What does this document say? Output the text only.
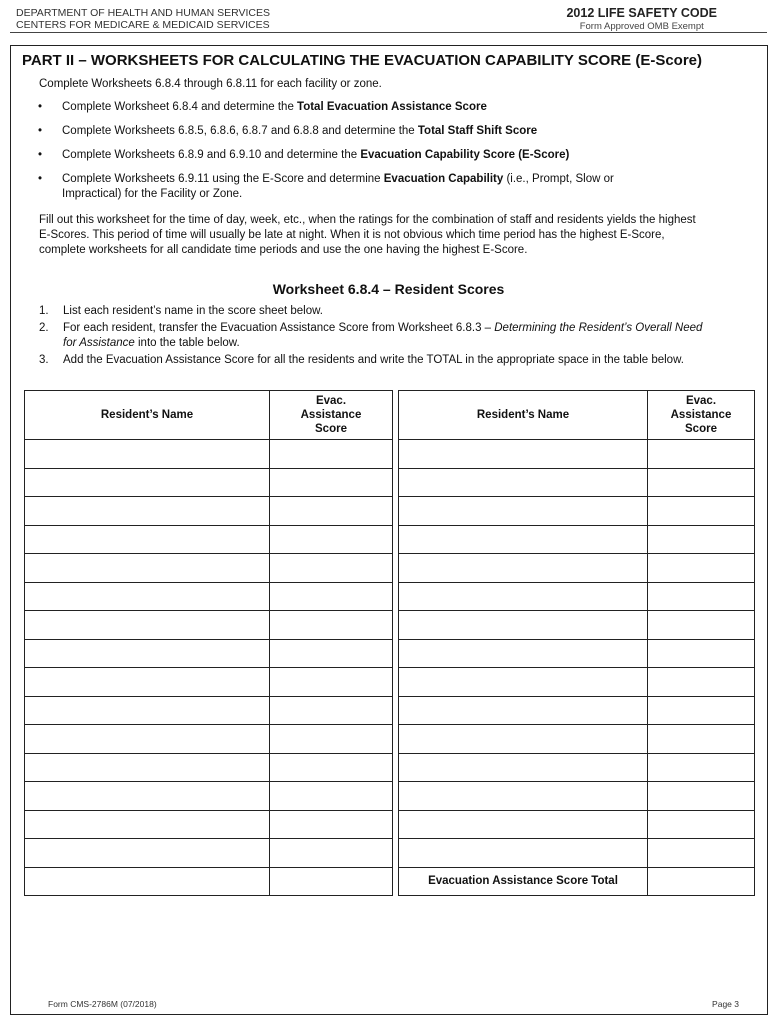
DEPARTMENT OF HEALTH AND HUMAN SERVICES
CENTERS FOR MEDICARE & MEDICAID SERVICES
2012 LIFE SAFETY CODE
Form Approved OMB Exempt
PART II – WORKSHEETS FOR CALCULATING THE EVACUATION CAPABILITY SCORE (E-Score)
Complete Worksheets 6.8.4 through 6.8.11 for each facility or zone.
• Complete Worksheet 6.8.4 and determine the Total Evacuation Assistance Score
• Complete Worksheets 6.8.5, 6.8.6, 6.8.7 and 6.8.8 and determine the Total Staff Shift Score
• Complete Worksheets 6.8.9 and 6.9.10 and determine the Evacuation Capability Score (E-Score)
• Complete Worksheets 6.9.11 using the E-Score and determine Evacuation Capability (i.e., Prompt, Slow or Impractical) for the Facility or Zone.
Fill out this worksheet for the time of day, week, etc., when the ratings for the combination of staff and residents yields the highest E-Scores. This period of time will usually be late at night. When it is not obvious which time period has the highest E-Score, complete worksheets for all candidate time periods and use the one having the highest E-Score.
Worksheet 6.8.4 – Resident Scores
1. List each resident’s name in the score sheet below.
2. For each resident, transfer the Evacuation Assistance Score from Worksheet 6.8.3 – Determining the Resident’s Overall Need for Assistance into the table below.
3. Add the Evacuation Assistance Score for all the residents and write the TOTAL in the appropriate space in the table below.
Resident’s Name	Evac.
Assistance
Score

Resident’s Name	Evac.
Assistance
Score

Evacuation Assistance Score Total	
Form CMS-2786M (07/2018)	Page 3
